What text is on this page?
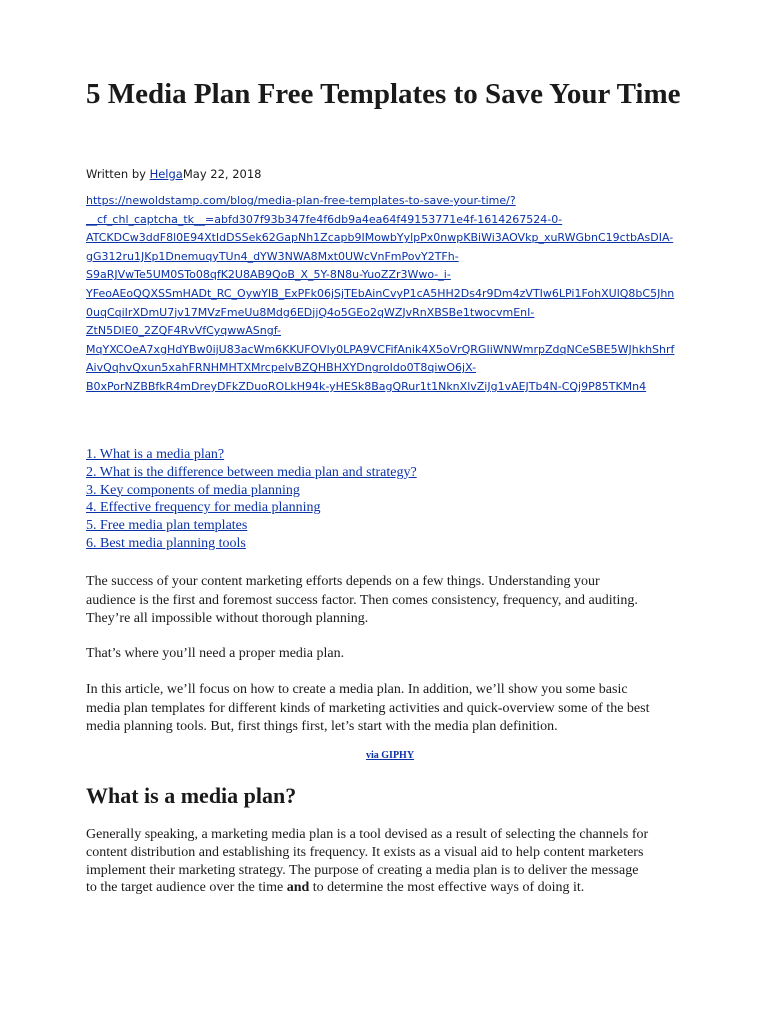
5 Media Plan Free Templates to Save Your Time
Written by HelgaMay 22, 2018
https://newoldstamp.com/blog/media-plan-free-templates-to-save-your-time/?
__cf_chl_captcha_tk__=abfd307f93b347fe4f6db9a4ea64f49153771e4f-1614267524-0-
ATCKDCw3ddF8l0E94XtIdDSSek62GapNh1Zcapb9IMowbYylpPx0nwpKBiWi3AOVkp_xuRWGbnC19ctbAsDIA-
gG312ru1JKp1DnemuqyTUn4_dYW3NWA8Mxt0UWcVnFmPovY2TFh-
S9aRJVwTe5UM0STo08qfK2U8AB9QoB_X_5Y-8N8u-YuoZZr3Wwo-_i-
YFeoAEoQQXSSmHADt_RC_OywYIB_ExPFk06jSjTEbAinCvyP1cA5HH2Ds4r9Dm4zVTIw6LPi1FohXUlQ8bC5Jhn
0uqCqiIrXDmU7jv17MVzFmeUu8Mdg6EDjjQ4o5GEo2qWZJvRnXBSBe1twocvmEnI-
ZtN5DlE0_2ZQF4RvVfCyqwwASngf-
MqYXCOeA7xgHdYBw0ijU83acWm6KKUFOVly0LPA9VCFifAnik4X5oVrQRGIiWNWmrpZdqNCeSBE5WJhkhShrf
AivQqhvQxun5xahFRNHMHTXMrcpelvBZQHBHXYDngroIdo0T8qiwO6jX-
B0xPorNZBBfkR4mDreyDFkZDuoROLkH94k-yHESk8BagQRur1t1NknXlvZiJg1vAEJTb4N-CQj9P85TKMn4
1. What is a media plan?
2. What is the difference between media plan and strategy?
3. Key components of media planning
4. Effective frequency for media planning
5. Free media plan templates
6. Best media planning tools

The success of your content marketing efforts depends on a few things. Understanding your
audience is the first and foremost success factor. Then comes consistency, frequency, and auditing.
They’re all impossible without thorough planning.

That’s where you’ll need a proper media plan.

In this article, we’ll focus on how to create a media plan. In addition, we’ll show you some basic
media plan templates for different kinds of marketing activities and quick-overview some of the best
media planning tools. But, first things first, let’s start with the media plan definition.

via GIPHY
What is a media plan?

Generally speaking, a marketing media plan is a tool devised as a result of selecting the channels for
content distribution and establishing its frequency. It exists as a visual aid to help content marketers
implement their marketing strategy. The purpose of creating a media plan is to deliver the message
to the target audience over the time and to determine the most effective ways of doing it.
